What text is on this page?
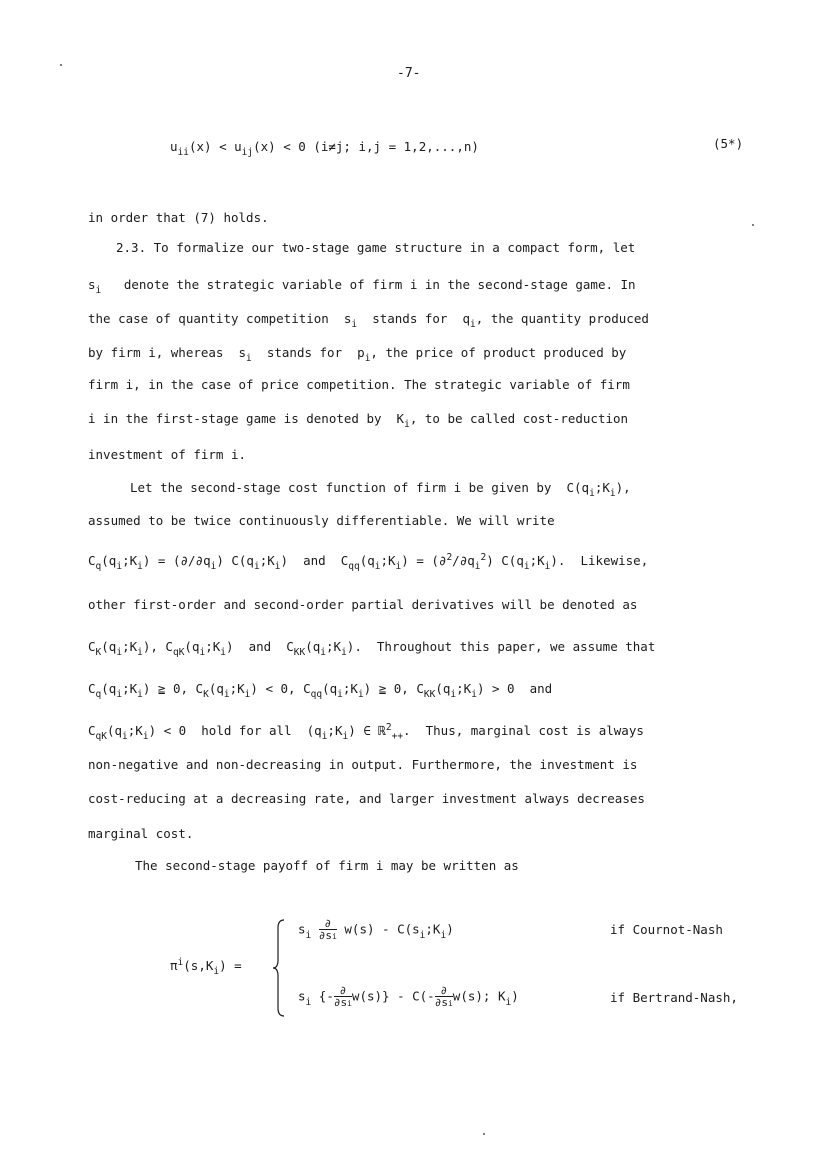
-7-
$u_{ii}(x) < u_{ij}(x) < 0$ (i≠j; i,j = 1,2,...,n)	(5*)
in order that (7) holds.
2.3. To formalize our two-stage game structure in a compact form, let
$s_i$ denote the strategic variable of firm i in the second-stage game. In
the case of quantity competition  $s_i$ stands for  $q_i$, the quantity produced
by firm i, whereas  $s_i$ stands for  $p_i$, the price of product produced by
firm i, in the case of price competition. The strategic variable of firm
i in the first-stage game is denoted by  $K_i$, to be called cost-reduction
investment of firm i.
Let the second-stage cost function of firm i be given by  $C(q_i;K_i)$,
assumed to be twice continuously differentiable. We will write
$C_q(q_i;K_i) = (\partial/\partial q_i)$ $C(q_i;K_i)$  and  $C_{qq}(q_i;K_i) = (\partial^2/\partial q_i^2)$ $C(q_i;K_i)$.  Likewise,
other first-order and second-order partial derivatives will be denoted as
$C_K(q_i;K_i)$, $C_{qK}(q_i;K_i)$  and  $C_{KK}(q_i;K_i)$.  Throughout this paper, we assume that
$C_q(q_i;K_i)$ ≧ 0, $C_K(q_i;K_i) < 0$, $C_{qq}(q_i;K_i)$ ≧ 0, $C_{KK}(q_i;K_i) > 0$  and
$C_{qK}(q_i;K_i) < 0$  hold for all  $(q_i;K_i)$ ∈ ℝ$^2_{++}$.  Thus, marginal cost is always
non-negative and non-decreasing in output. Furthermore, the investment is
cost-reducing at a decreasing rate, and larger investment always decreases
marginal cost.
The second-stage payoff of firm i may be written as
$\pi^i(s,K_i)$ =
$s_i \frac{\partial}{\partial si} w(s)$ - $C(s_i;K_i)$	if Cournot-Nash
$s_i$ {- $\frac{\partial}{\partial si} w(s)\} - C(- \frac{\partial}{\partial si} w(s)$; $K_i$)	if Bertrand-Nash,
